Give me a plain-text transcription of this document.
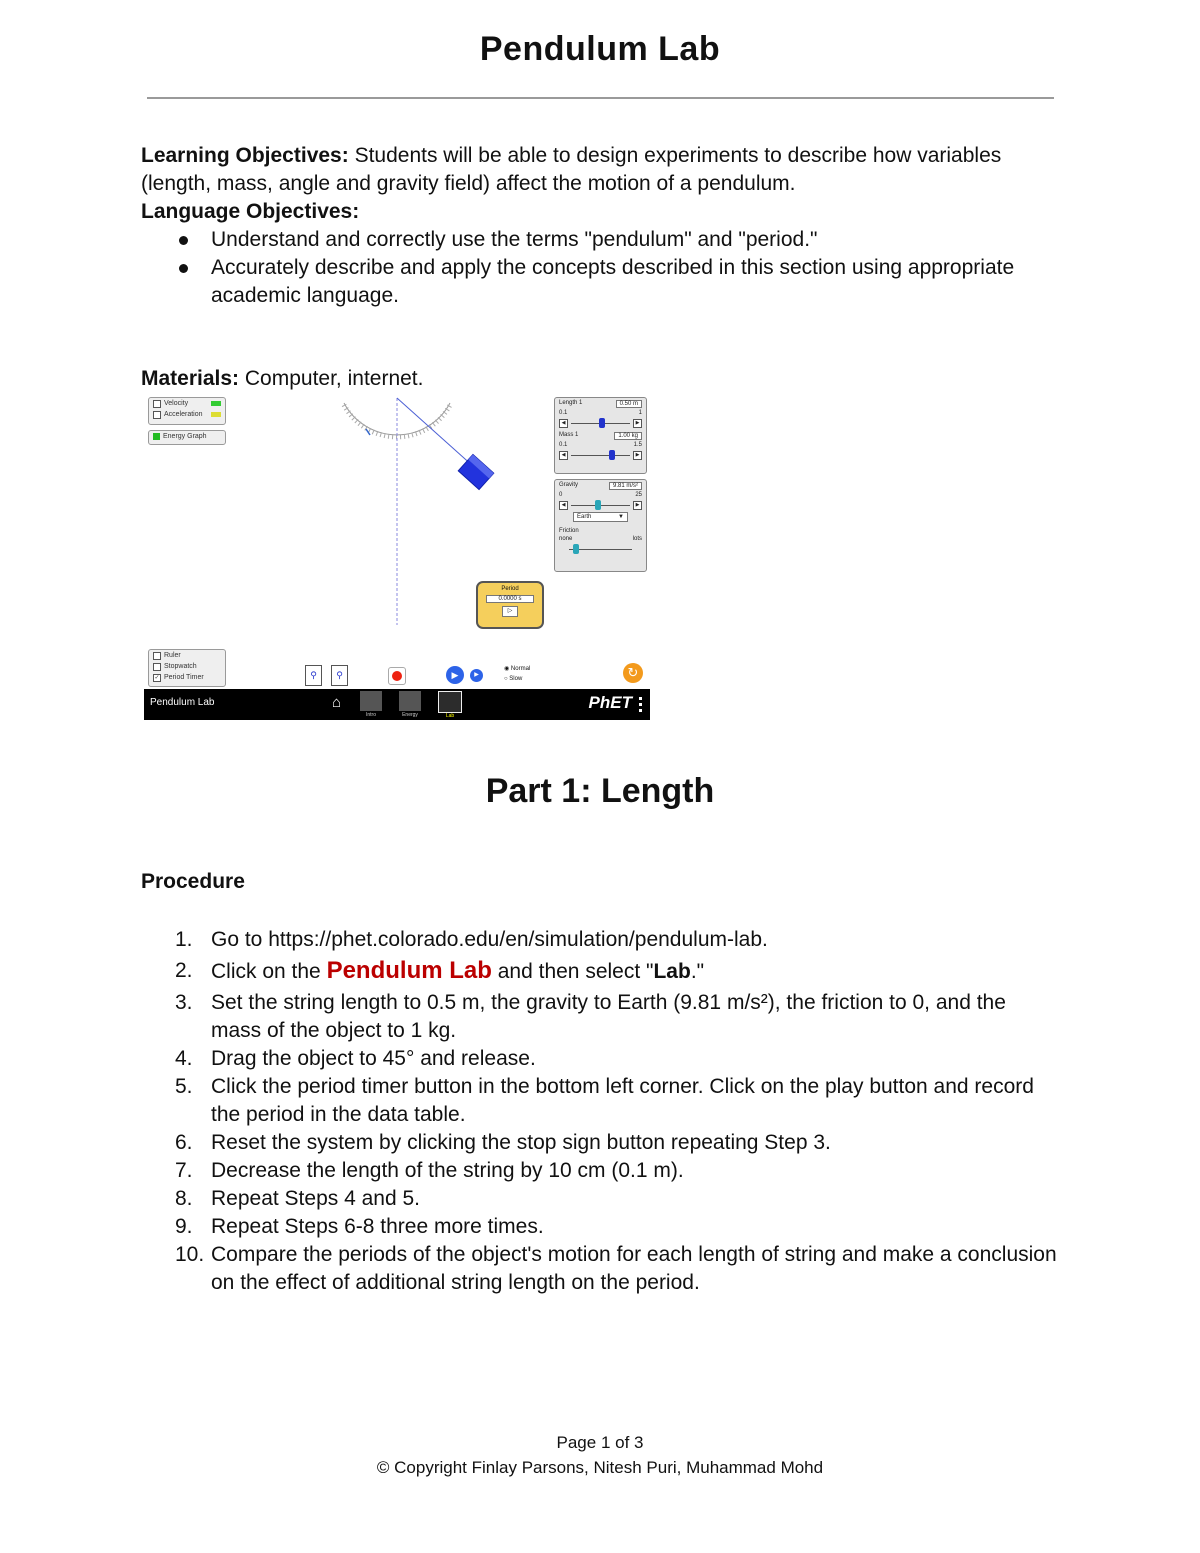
Pendulum Lab
Learning Objectives: Students will be able to design experiments to describe how variables (length, mass, angle and gravity field) affect the motion of a pendulum.
Language Objectives:
Understand and correctly use the terms "pendulum" and "period."
Accurately describe and apply the concepts described in this section using appropriate academic language.
Materials: Computer, internet.
Velocity
Acceleration
Energy Graph
Length 1	0.50 m
0.1	1
◀	▶
Mass 1	1.00 kg
0.1	1.5
◀	▶
Gravity	9.81 m/s²
0	25
◀	▶
Earth	▼
Friction
none	lots
Period
0.0000 s
▷
Ruler
Stopwatch
✓ Period Timer	⚲	⚲	▶	▶
◉ Normal
○ Slow	↻
Pendulum Lab	⌂
Intro	Energy	Lab
PhET
Part 1: Length
Procedure
1. Go to https://phet.colorado.edu/en/simulation/pendulum-lab.
2. Click on the Pendulum Lab and then select "Lab."
3. Set the string length to 0.5 m, the gravity to Earth (9.81 m/s²), the friction to 0, and the mass of the object to 1 kg.
4. Drag the object to 45° and release.
5. Click the period timer button in the bottom left corner. Click on the play button and record the period in the data table.
6. Reset the system by clicking the stop sign button repeating Step 3.
7. Decrease the length of the string by 10 cm (0.1 m).
8. Repeat Steps 4 and 5.
9. Repeat Steps 6-8 three more times.
10. Compare the periods of the object's motion for each length of string and make a conclusion on the effect of additional string length on the period.
Page 1 of 3
© Copyright Finlay Parsons, Nitesh Puri, Muhammad Mohd
